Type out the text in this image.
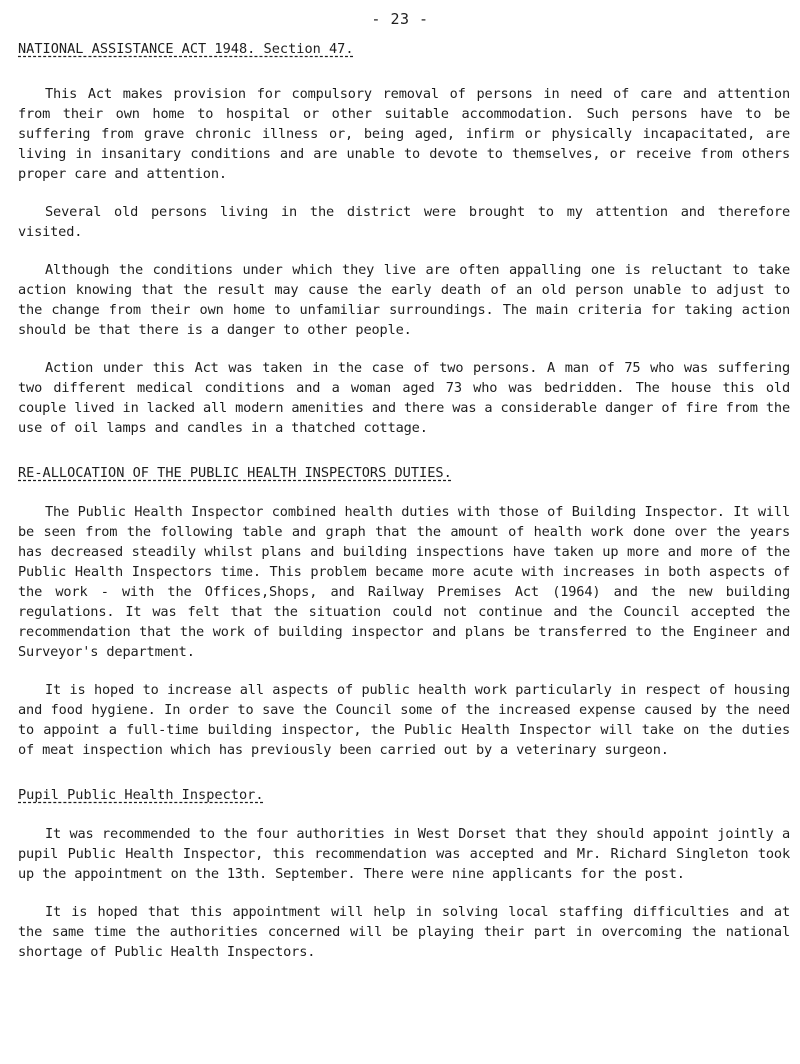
- 23 -
NATIONAL ASSISTANCE ACT 1948. Section 47.

This Act makes provision for compulsory removal of persons in need of care and attention from their own home to hospital or other suitable accommodation. Such persons have to be suffering from grave chronic illness or, being aged, infirm or physically incapacitated, are living in insanitary conditions and are unable to devote to themselves, or receive from others proper care and attention.

Several old persons living in the district were brought to my attention and therefore visited.

Although the conditions under which they live are often appalling one is reluctant to take action knowing that the result may cause the early death of an old person unable to adjust to the change from their own home to unfamiliar surroundings. The main criteria for taking action should be that there is a danger to other people.

Action under this Act was taken in the case of two persons. A man of 75 who was suffering two different medical conditions and a woman aged 73 who was bedridden. The house this old couple lived in lacked all modern amenities and there was a considerable danger of fire from the use of oil lamps and candles in a thatched cottage.

RE-ALLOCATION OF THE PUBLIC HEALTH INSPECTORS DUTIES.

The Public Health Inspector combined health duties with those of Building Inspector. It will be seen from the following table and graph that the amount of health work done over the years has decreased steadily whilst plans and building inspections have taken up more and more of the Public Health Inspectors time. This problem became more acute with increases in both aspects of the work - with the Offices,Shops, and Railway Premises Act (1964) and the new building regulations. It was felt that the situation could not continue and the Council accepted the recommendation that the work of building inspector and plans be transferred to the Engineer and Surveyor's department.

It is hoped to increase all aspects of public health work particularly in respect of housing and food hygiene. In order to save the Council some of the increased expense caused by the need to appoint a full-time building inspector, the Public Health Inspector will take on the duties of meat inspection which has previously been carried out by a veterinary surgeon.

Pupil Public Health Inspector.

It was recommended to the four authorities in West Dorset that they should appoint jointly a pupil Public Health Inspector, this recommendation was accepted and Mr. Richard Singleton took up the appointment on the 13th. September. There were nine applicants for the post.

It is hoped that this appointment will help in solving local staffing difficulties and at the same time the authorities concerned will be playing their part in overcoming the national shortage of Public Health Inspectors.
